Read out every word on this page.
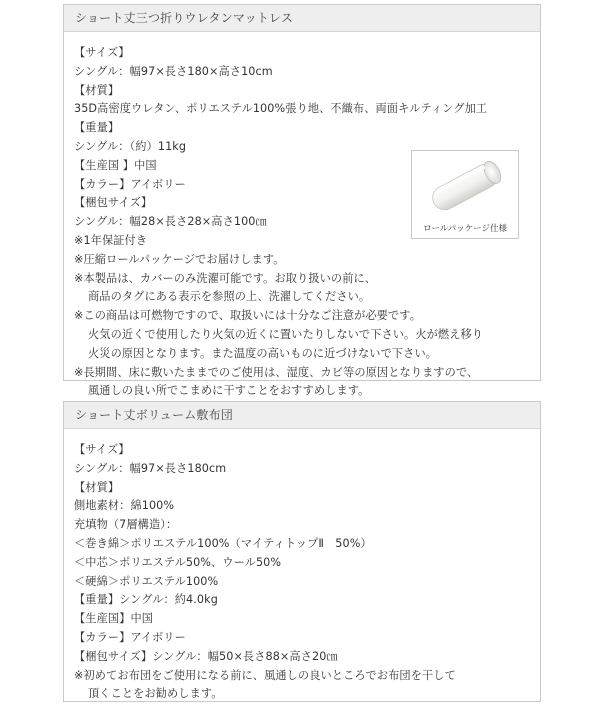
ショート丈三つ折りウレタンマットレス
【サイズ】
シングル：幅97×長さ180×高さ10cm
【材質】
35D高密度ウレタン、ポリエステル100%張り地、不織布、両面キルティング加工
【重量】
シングル：（約）11kg
【生産国 】中国
【カラー】アイボリー
【梱包サイズ】
シングル：幅28×長さ28×高さ100㎝
※1年保証付き
※圧縮ロールパッケージでお届けします。
※本製品は、カバーのみ洗濯可能です。お取り扱いの前に、
商品のタグにある表示を参照の上、洗濯してください。
※この商品は可燃物ですので、取扱いには十分なご注意が必要です。
火気の近くで使用したり火気の近くに置いたりしないで下さい。火が燃え移り
火災の原因となります。また温度の高いものに近づけないで下さい。
※長期間、床に敷いたままでのご使用は、湿度、カビ等の原因となりますので、
風通しの良い所でこまめに干すことをおすすめします。
ロールパッケージ仕様
ショート丈ボリューム敷布団
【サイズ】
シングル：幅97×長さ180cm
【材質】
側地素材：綿100%
充填物（7層構造）：
＜巻き綿＞ポリエステル100%（マイティトップⅡ　50%）
＜中芯＞ポリエステル50%、ウール50%
＜硬綿＞ポリエステル100%
【重量】シングル：約4.0kg
【生産国】中国
【カラー】アイボリー
【梱包サイズ】シングル：幅50×長さ88×高さ20㎝
※初めてお布団をご使用になる前に、風通しの良いところでお布団を干して
頂くことをお勧めします。
